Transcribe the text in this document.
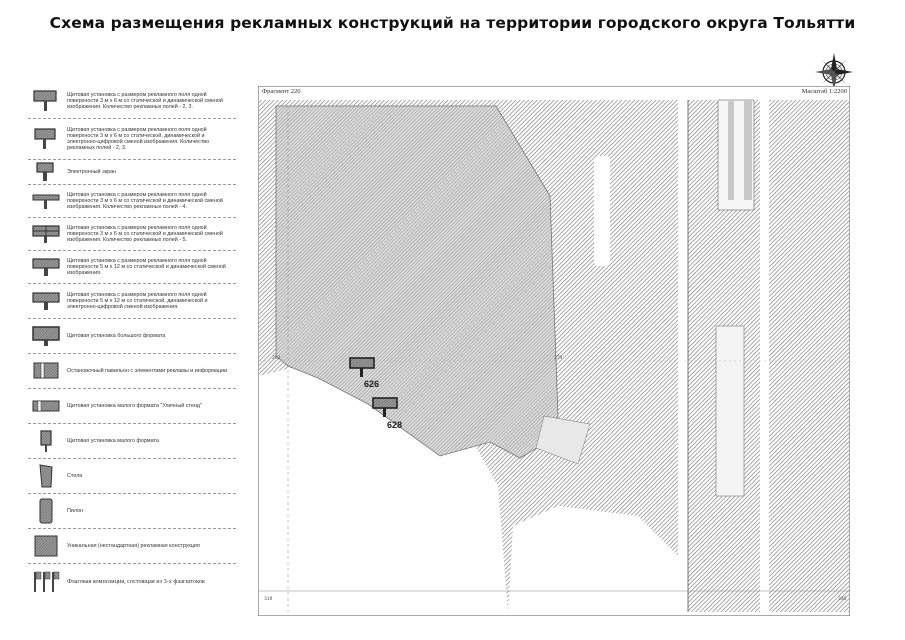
Схема размещения рекламных конструкций на территории городского округа Тольятти
Щитовая установка с размером рекламного поля одной поверхности 3 м х 6 м со статической и динамической сменой изображения. Количество рекламных полей - 2, 3.
Щитовая установка с размером рекламного поля одной поверхности 3 м х 6 м со статической, динамической и электронно-цифровой сменой изображения. Количество рекламных полей - 2, 3.
Электронный экран
Щитовая установка с размером рекламного поля одной поверхности 3 м х 6 м со статической и динамической сменой изображения. Количество рекламных полей - 4.
Щитовая установка с размером рекламного поля одной поверхности 3 м х 6 м со статической и динамической сменой изображения. Количество рекламных полей - 5.
Щитовая установка с размером рекламного поля одной поверхности 5 м х 12 м со статической и динамической сменой изображения.
Щитовая установка с размером рекламного поля одной поверхности 5 м х 12 м со статической, динамической и электронно-цифровой сменой изображения.
Щитовая установка большого формата
Остановочный павильон с элементами рекламы и информации.
Щитовая установка малого формата "Уличный стенд"
Щитовая установка малого формата
Стела
Пилон
Уникальная (нестандартная) рекламная конструкция
Флаговая композиция, состоящая из 3-х флагштоков
626
628
262	279
318	330
Фрагмент 220	Масштаб 1:2200
